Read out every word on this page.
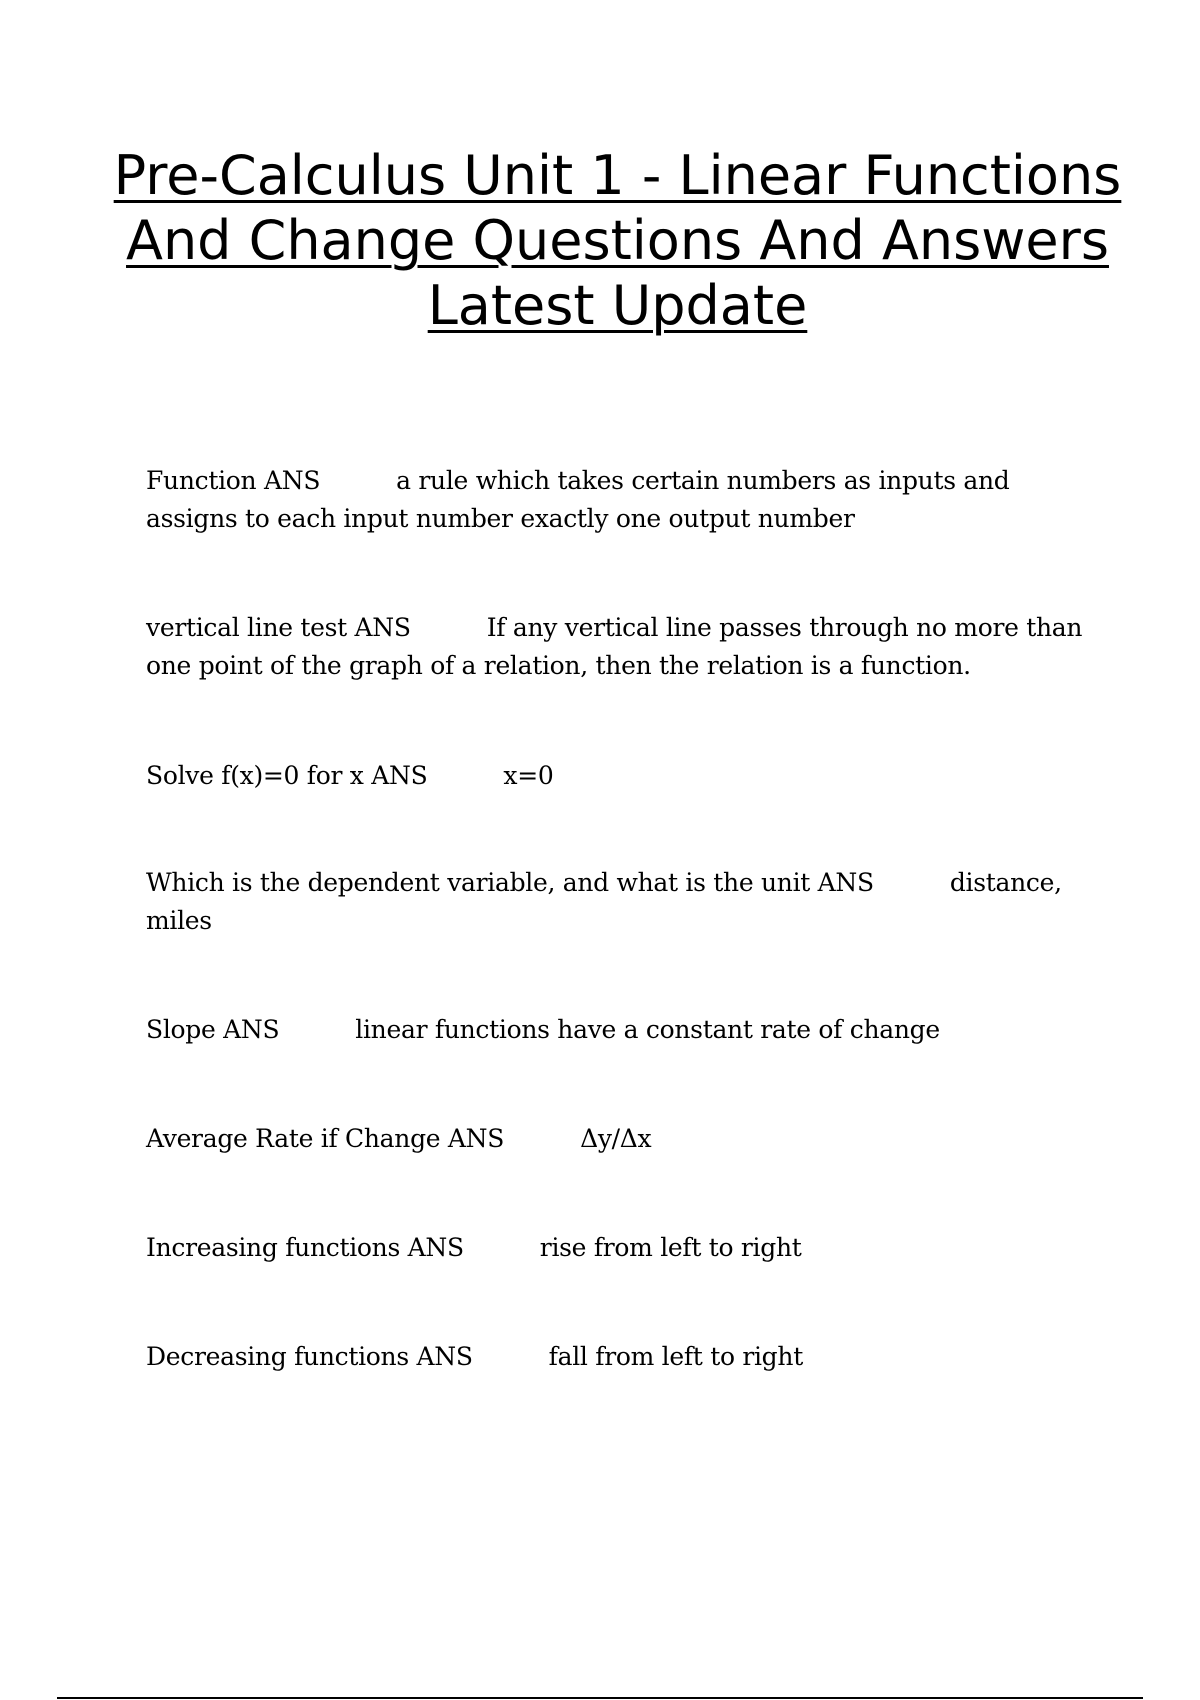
Pre-Calculus Unit 1 - Linear Functions And Change Questions And Answers Latest Update

Function ANS	a rule which takes certain numbers as inputs and assigns to each input number exactly one output number

vertical line test ANS	If any vertical line passes through no more than one point of the graph of a relation, then the relation is a function.

Solve f(x)=0 for x ANS	x=0

Which is the dependent variable, and what is the unit ANS	distance, miles

Slope ANS	linear functions have a constant rate of change

Average Rate if Change ANS	Δy/Δx

Increasing functions ANS	rise from left to right

Decreasing functions ANS	fall from left to right
